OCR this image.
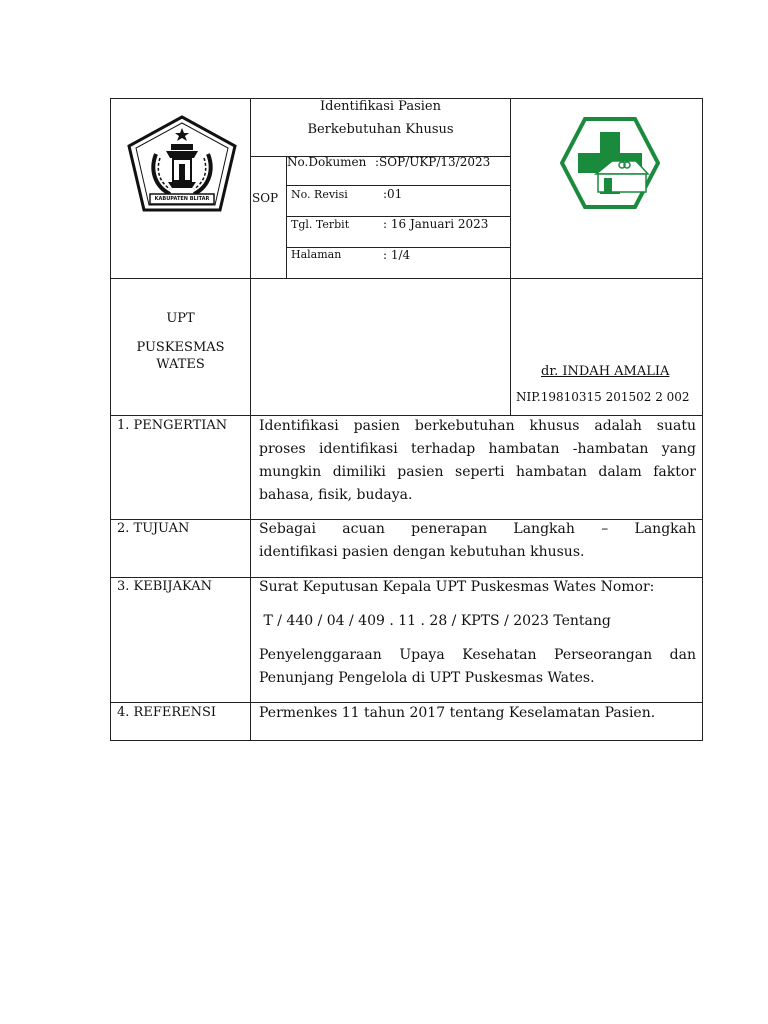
KABUPATEN BLITAR
Identifikasi Pasien
Berkebutuhan Khusus
SOP
No.Dokumen :SOP/UKP/13/2023
No. Revisi	:01
Tgl. Terbit	: 16 Januari 2023
Halaman	: 1/4
UPT
PUSKESMAS
WATES	dr. INDAH AMALIA
NIP.19810315 201502 2 002
1. PENGERTIAN Identifikasi pasien berkebutuhan khusus adalah suatu
proses identifikasi terhadap hambatan -hambatan yang
mungkin dimiliki pasien seperti hambatan dalam faktor
bahasa, fisik, budaya.
2. TUJUAN	Sebagai acuan penerapan Langkah – Langkah
identifikasi pasien dengan kebutuhan khusus.
3. KEBIJAKAN	Surat Keputusan Kepala UPT Puskesmas Wates Nomor:
T / 440 / 04 / 409 . 11 . 28 / KPTS / 2023 Tentang
Penyelenggaraan Upaya Kesehatan Perseorangan dan
Penunjang Pengelola di UPT Puskesmas Wates.
4. REFERENSI	Permenkes 11 tahun 2017 tentang Keselamatan Pasien.
